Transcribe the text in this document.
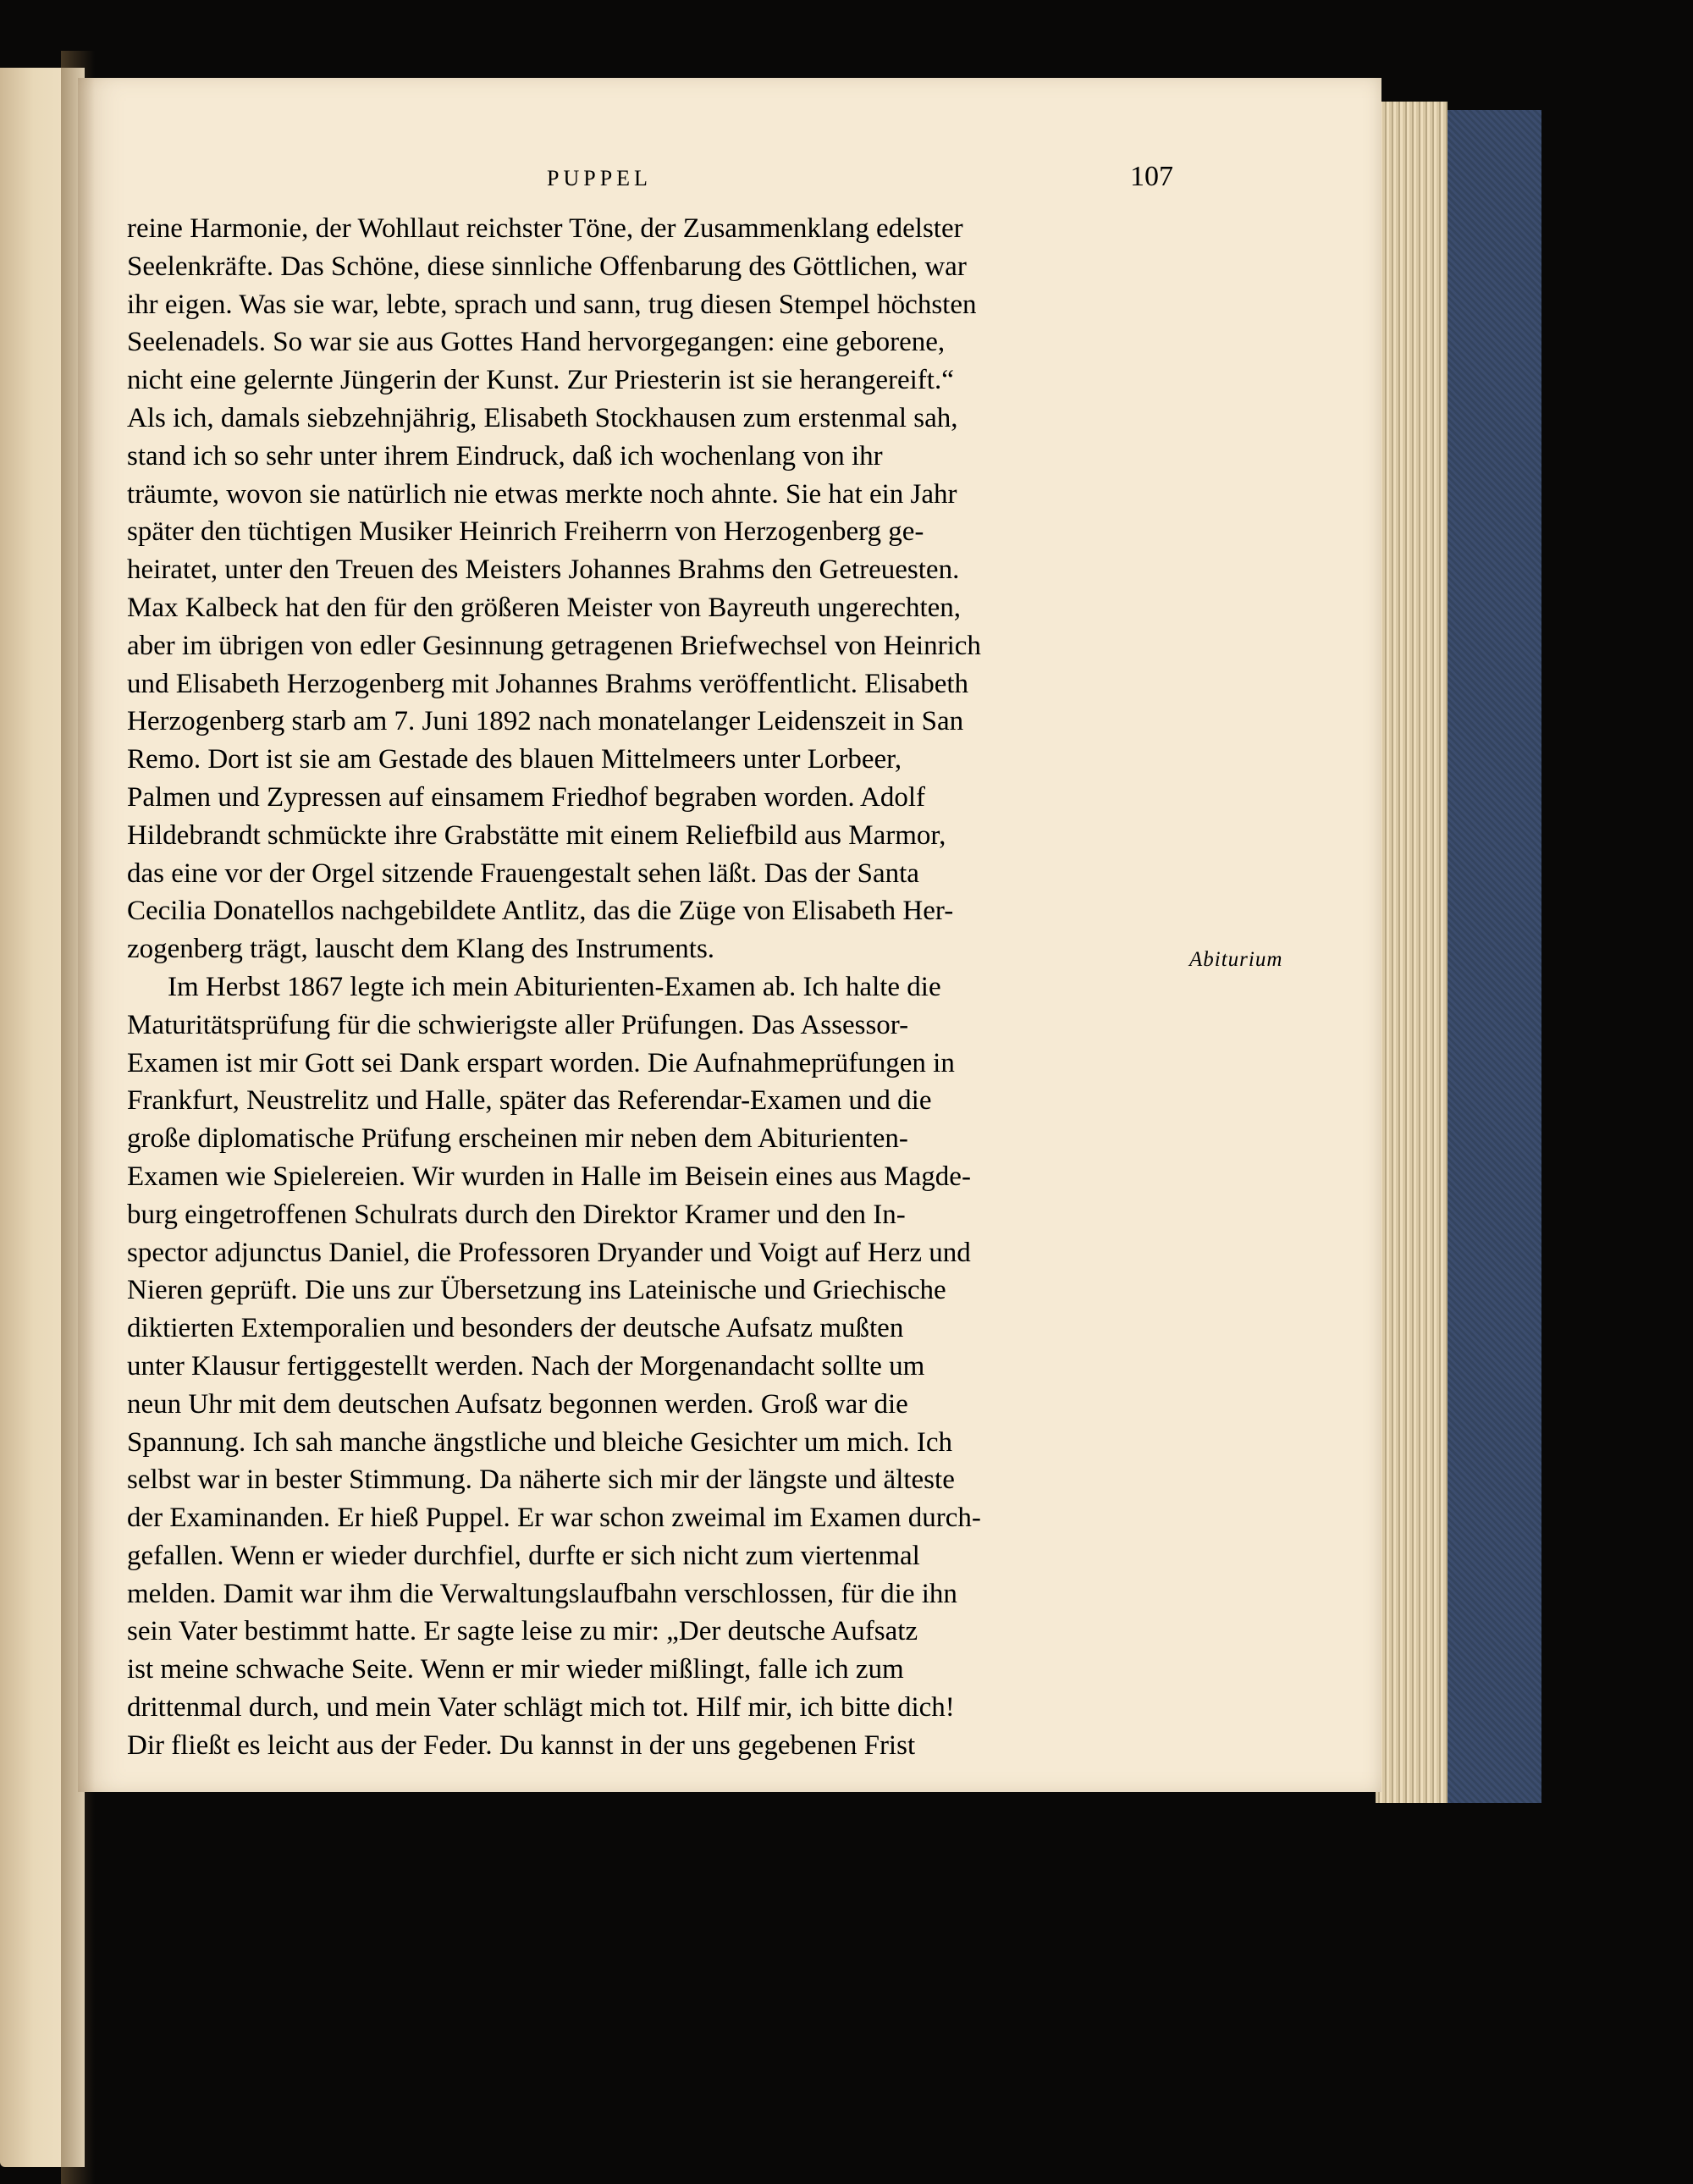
PUPPEL	107
reine Harmonie, der Wohllaut reichster Töne, der Zusammenklang edelster
Seelenkräfte. Das Schöne, diese sinnliche Offenbarung des Göttlichen, war
ihr eigen. Was sie war, lebte, sprach und sann, trug diesen Stempel höchsten
Seelenadels. So war sie aus Gottes Hand hervorgegangen: eine geborene,
nicht eine gelernte Jüngerin der Kunst. Zur Priesterin ist sie herangereift.“
Als ich, damals siebzehnjährig, Elisabeth Stockhausen zum erstenmal sah,
stand ich so sehr unter ihrem Eindruck, daß ich wochenlang von ihr
träumte, wovon sie natürlich nie etwas merkte noch ahnte. Sie hat ein Jahr
später den tüchtigen Musiker Heinrich Freiherrn von Herzogenberg ge-
heiratet, unter den Treuen des Meisters Johannes Brahms den Getreuesten.
Max Kalbeck hat den für den größeren Meister von Bayreuth ungerechten,
aber im übrigen von edler Gesinnung getragenen Briefwechsel von Heinrich
und Elisabeth Herzogenberg mit Johannes Brahms veröffentlicht. Elisabeth
Herzogenberg starb am 7. Juni 1892 nach monatelanger Leidenszeit in San
Remo. Dort ist sie am Gestade des blauen Mittelmeers unter Lorbeer,
Palmen und Zypressen auf einsamem Friedhof begraben worden. Adolf
Hildebrandt schmückte ihre Grabstätte mit einem Reliefbild aus Marmor,
das eine vor der Orgel sitzende Frauengestalt sehen läßt. Das der Santa
Cecilia Donatellos nachgebildete Antlitz, das die Züge von Elisabeth Her-
zogenberg trägt, lauscht dem Klang des Instruments.
Im Herbst 1867 legte ich mein Abiturienten-Examen ab. Ich halte die
Maturitätsprüfung für die schwierigste aller Prüfungen. Das Assessor-
Examen ist mir Gott sei Dank erspart worden. Die Aufnahmeprüfungen in
Frankfurt, Neustrelitz und Halle, später das Referendar-Examen und die
große diplomatische Prüfung erscheinen mir neben dem Abiturienten-
Examen wie Spielereien. Wir wurden in Halle im Beisein eines aus Magde-
burg eingetroffenen Schulrats durch den Direktor Kramer und den In-
spector adjunctus Daniel, die Professoren Dryander und Voigt auf Herz und
Nieren geprüft. Die uns zur Übersetzung ins Lateinische und Griechische
diktierten Extemporalien und besonders der deutsche Aufsatz mußten
unter Klausur fertiggestellt werden. Nach der Morgenandacht sollte um
neun Uhr mit dem deutschen Aufsatz begonnen werden. Groß war die
Spannung. Ich sah manche ängstliche und bleiche Gesichter um mich. Ich
selbst war in bester Stimmung. Da näherte sich mir der längste und älteste
der Examinanden. Er hieß Puppel. Er war schon zweimal im Examen durch-
gefallen. Wenn er wieder durchfiel, durfte er sich nicht zum viertenmal
melden. Damit war ihm die Verwaltungslaufbahn verschlossen, für die ihn
sein Vater bestimmt hatte. Er sagte leise zu mir: „Der deutsche Aufsatz
ist meine schwache Seite. Wenn er mir wieder mißlingt, falle ich zum
drittenmal durch, und mein Vater schlägt mich tot. Hilf mir, ich bitte dich!
Dir fließt es leicht aus der Feder. Du kannst in der uns gegebenen Frist
Abiturium
